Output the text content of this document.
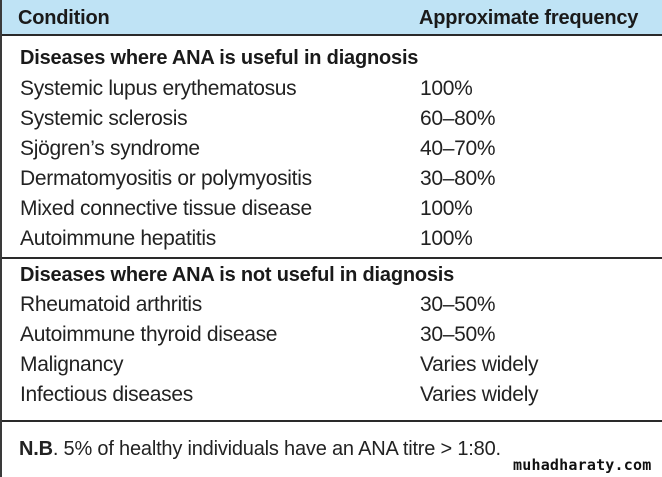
Condition	Approximate frequency
Diseases where ANA is useful in diagnosis
Systemic lupus erythematosus	100%
Systemic sclerosis	60–80%
Sjögren’s syndrome	40–70%
Dermatomyositis or polymyositis	30–80%
Mixed connective tissue disease	100%
Autoimmune hepatitis	100%
Diseases where ANA is not useful in diagnosis
Rheumatoid arthritis	30–50%
Autoimmune thyroid disease	30–50%
Malignancy	Varies widely
Infectious diseases	Varies widely
N.B. 5% of healthy individuals have an ANA titre > 1:80.
muhadharaty.com
